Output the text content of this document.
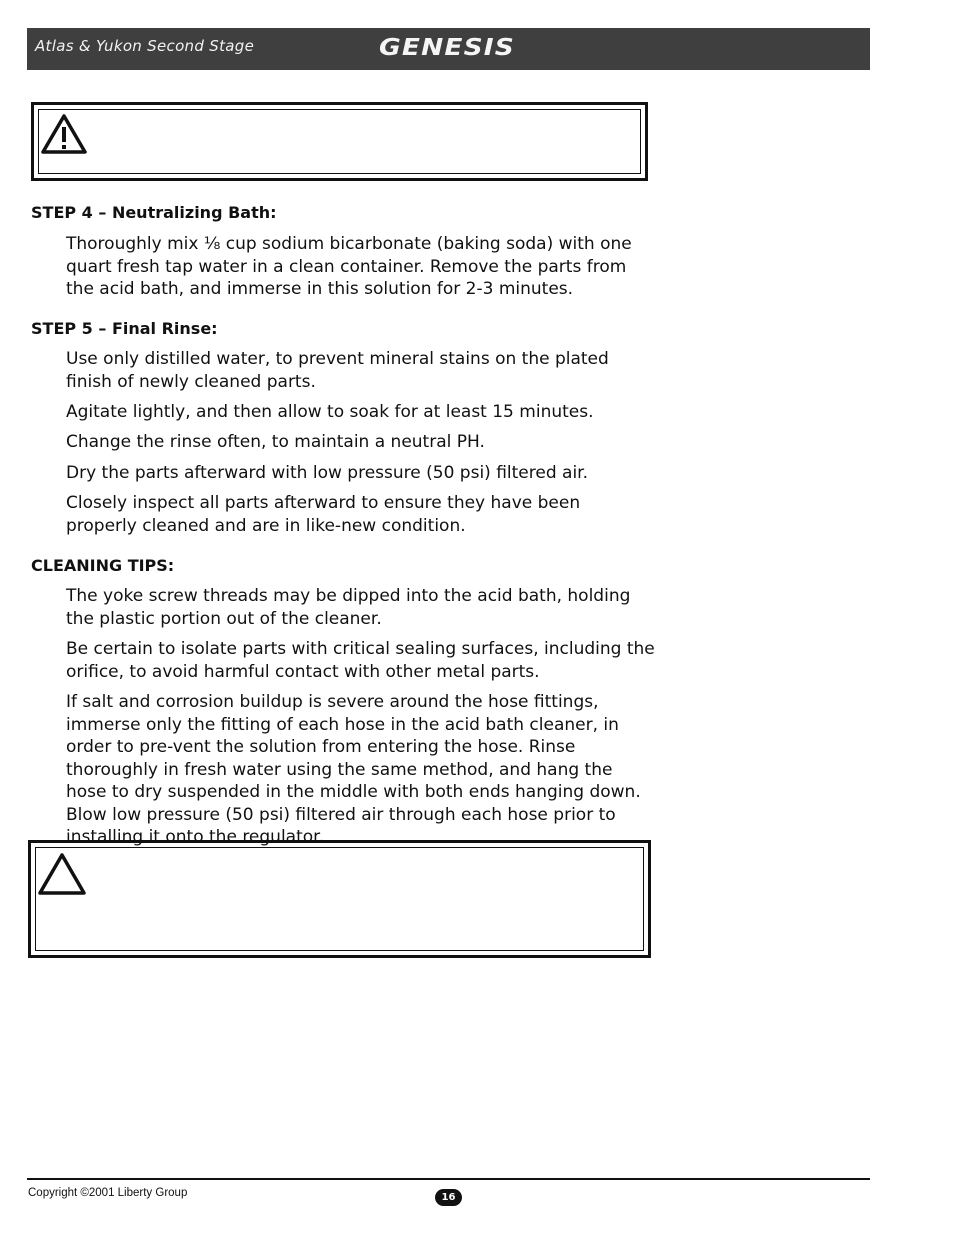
Atlas & Yukon Second Stage	GENESIS
STEP 4 – Neutralizing Bath:
Thoroughly mix ⅛ cup sodium bicarbonate (baking soda) with one quart fresh tap water in a clean container. Remove the parts from the acid bath, and immerse in this solution for 2-3 minutes.
STEP 5 – Final Rinse:
Use only distilled water, to prevent mineral stains on the plated finish of newly cleaned parts.
Agitate lightly, and then allow to soak for at least 15 minutes.
Change the rinse often, to maintain a neutral PH.
Dry the parts afterward with low pressure (50 psi) filtered air.
Closely inspect all parts afterward to ensure they have been properly cleaned and are in like-new condition.
CLEANING TIPS:
The yoke screw threads may be dipped into the acid bath, holding the plastic portion out of the cleaner.
Be certain to isolate parts with critical sealing surfaces, including the orifice, to avoid harmful contact with other metal parts.
If salt and corrosion buildup is severe around the hose fittings, immerse only the fitting of each hose in the acid bath cleaner, in order to pre-vent the solution from entering the hose. Rinse thoroughly in fresh water using the same method, and hang the hose to dry suspended in the middle with both ends hanging down. Blow low pressure (50 psi) filtered air through each hose prior to installing it onto the regulator.
Copyright ©2001 Liberty Group	16
